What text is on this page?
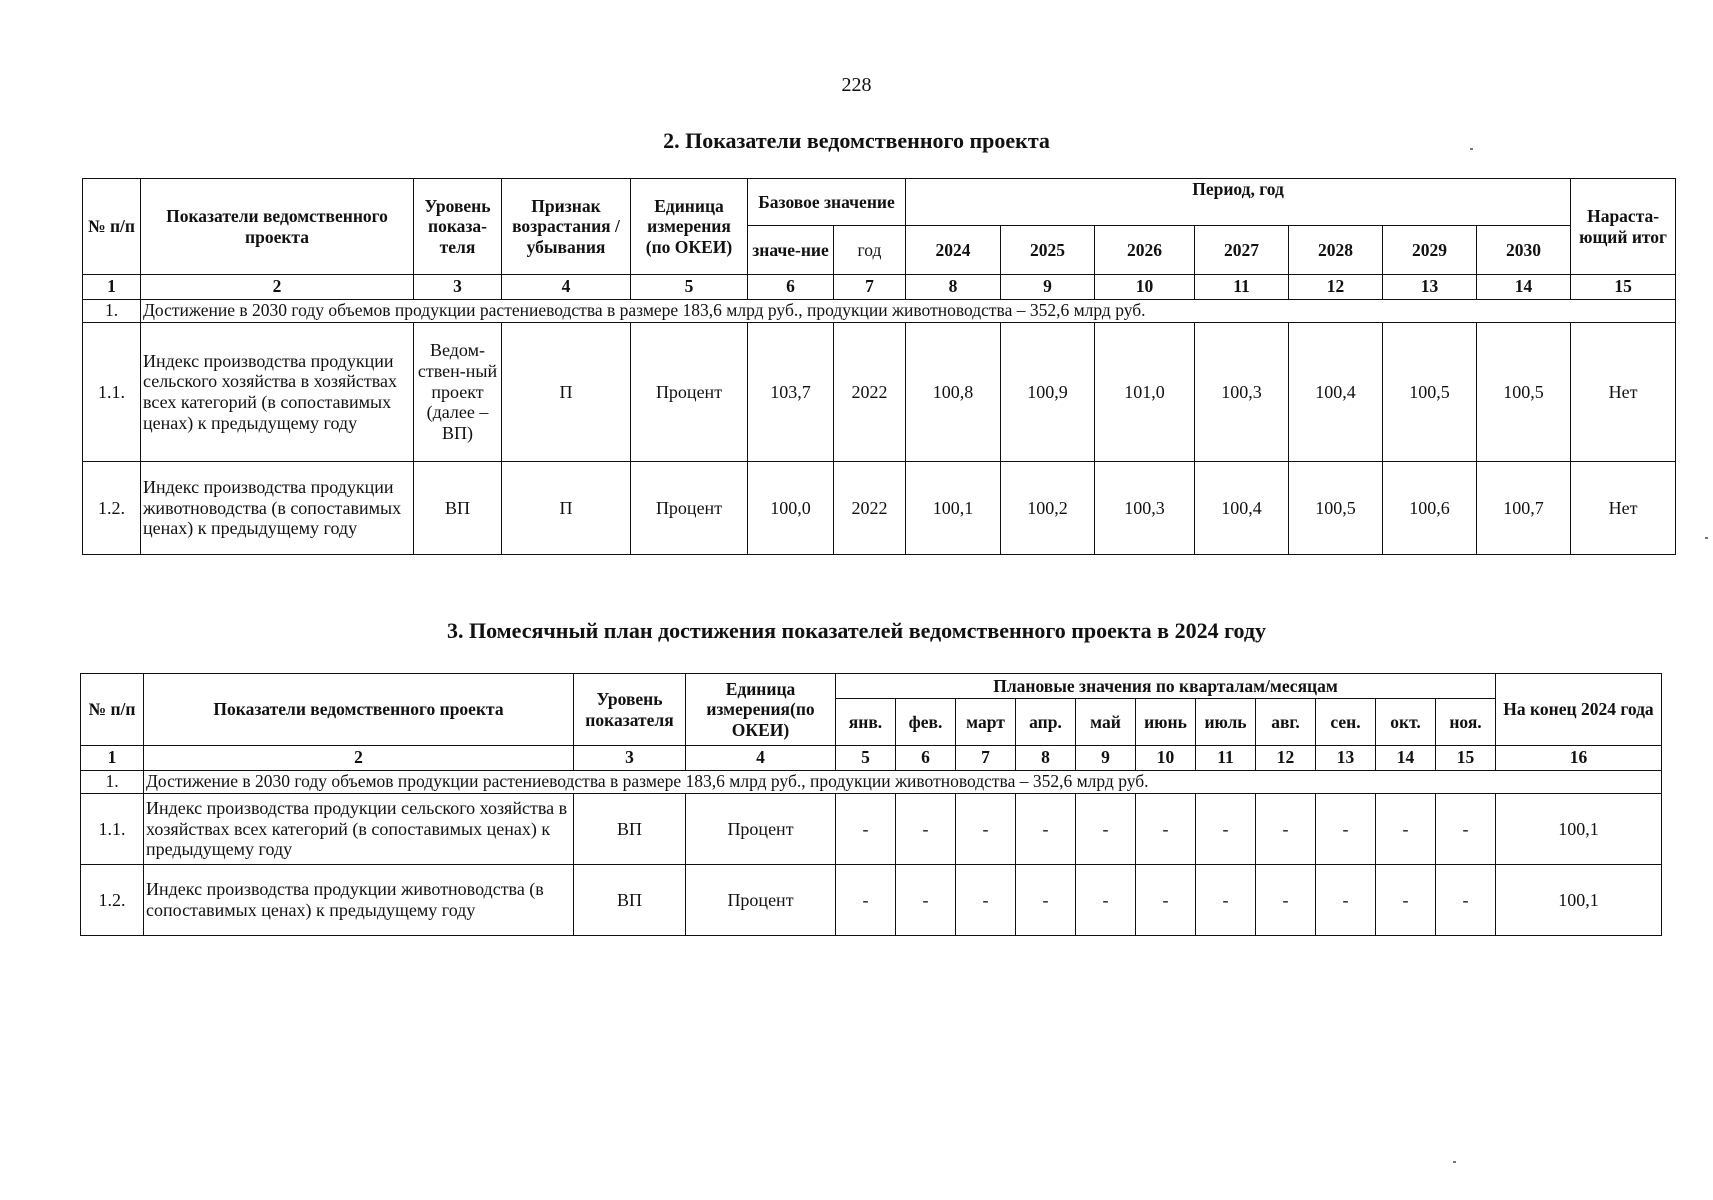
228
2. Показатели ведомственного проекта
№ п/п	Показатели ведомственного проекта	Уровень показа-теля	Признак возрастания / убывания	Единица измерения (по ОКЕИ)	Базовое значение		Период, год							Нараста-ющий итог
					значе-ние	год	2024	2025	2026	2027	2028	2029	2030	
1	2	3	4	5	6	7	8	9	10	11	12	13	14	15
1.	Достижение в 2030 году объемов продукции растениеводства в размере 183,6 млрд руб., продукции животноводства – 352,6 млрд руб.													
1.1.	Индекс производства продукции сельского хозяйства в хозяйствах всех категорий (в сопоставимых ценах) к предыдущему году	Ведом-ствен-ный проект (далее – ВП)	П	Процент	103,7	2022	100,8	100,9	101,0	100,3	100,4	100,5	100,5	Нет
1.2.	Индекс производства продукции животноводства (в сопоставимых ценах) к предыдущему году	ВП	П	Процент	100,0	2022	100,1	100,2	100,3	100,4	100,5	100,6	100,7	Нет
3. Помесячный план достижения показателей ведомственного проекта в 2024 году
№ п/п	Показатели ведомственного проекта	Уровень показателя	Единица измерения(по ОКЕИ)	Плановые значения по кварталам/месяцам											На конец 2024 года
				янв.	фев.	март	апр.	май	июнь	июль	авг.	сен.	окт.	ноя.	
1	2	3	4	5	6	7	8	9	10	11	12	13	14	15	16
1.	Достижение в 2030 году объемов продукции растениеводства в размере 183,6 млрд руб., продукции животноводства – 352,6 млрд руб.														
1.1.	Индекс производства продукции сельского хозяйства в хозяйствах всех категорий (в сопоставимых ценах) к предыдущему году	ВП	Процент	-	-	-	-	-	-	-	-	-	-	-	100,1
1.2.	Индекс производства продукции животноводства (в сопоставимых ценах) к предыдущему году	ВП	Процент	-	-	-	-	-	-	-	-	-	-	-	100,1
